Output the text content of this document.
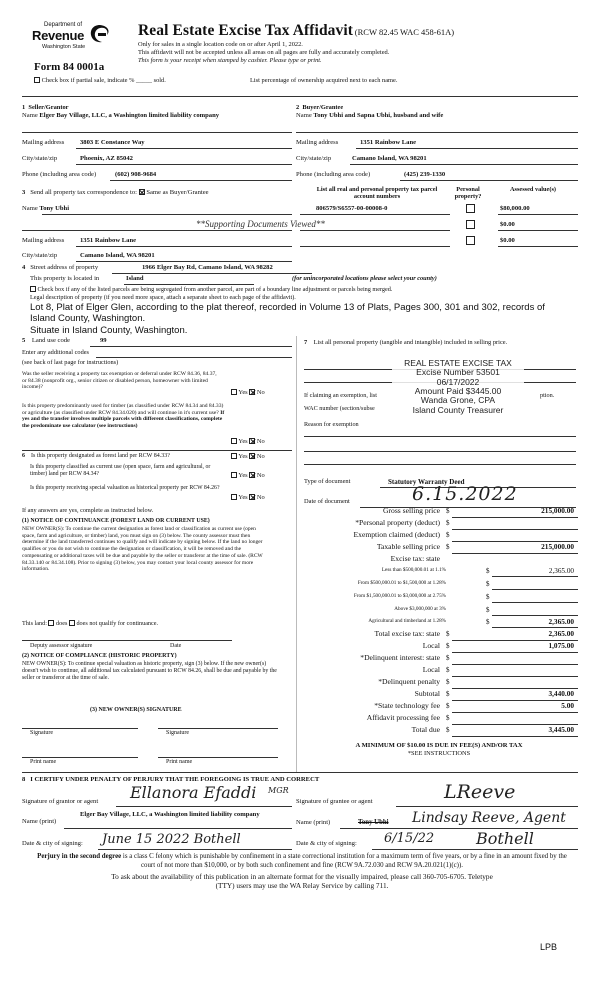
Department of
Revenue
Washington State
Real Estate Excise Tax Affidavit (RCW 82.45 WAC 458-61A)
Only for sales in a single location code on or after April 1, 2022.
This affidavit will not be accepted unless all areas on all pages are fully and accurately completed.
This form is your receipt when stamped by cashier. Please type or print.
Form 84 0001a
Check box if partial sale, indicate % _____ sold.	List percentage of ownership acquired next to each name.
1 Seller/Grantor
Name Elger Bay Village, LLC, a Washington limited liability company
Mailing address 3803 E Constance Way
City/state/zip	Phoenix, AZ 85042
Phone (including area code)	(602) 908-9684
2 Buyer/Grantee
Name Tony Ubhi and Sapna Ubhi, husband and wife
Mailing address	1351 Rainbow Lane
City/state/zip	Camano Island, WA 98201
Phone (including area code)	(425) 239-1330
3 Send all property tax correspondence to: Same as Buyer/Grantee
Name Tony Ubhi
**Supporting Documents Viewed**
Mailing address 1351 Rainbow Lane
City/state/zip	Camano Island, WA 98201
List all real and personal property tax parcel account numbers
Personal property?
Assessed value(s)
806579/S6557-00-00008-0	$80,000.00
$0.00
$0.00
4 Street address of property	1966 Elger Bay Rd, Camano Island, WA 98282
This property is located in	Island	(for unincorporated locations please select your county)
Check box if any of the listed parcels are being segregated from another parcel, are part of a boundary line adjustment or parcels being merged.
Legal description of property (if you need more space, attach a separate sheet to each page of the affidavit).
Lot 8, Plat of Elger Glen, according to the plat thereof, recorded in Volume 13 of Plats, Pages 300, 301 and 302, records of Island County, Washington.
Situate in Island County, Washington.
5 Land use code	99
Enter any additional codes
(see back of last page for instructions)
Was the seller receiving a property tax exemption or deferral under RCW 84.36, 84.37, or 84.38 (nonprofit org., senior citizen or disabled person, homeowner with limited income)?
Yes No
Is this property predominantly used for timber (as classified under RCW 84.34 and 84.33) or agriculture (as classified under RCW 84.34.020) and will continue in it's current use? If yes and the transfer involves multiple parcels with different classifications, complete the predominate use calculator (see instructions)
Yes No
6 Is this property designated as forest land per RCW 84.33?	Yes No
Is this property classified as current use (open space, farm and agricultural, or timber) land per RCW 84.34?	Yes No
Is this property receiving special valuation as historical property per RCW 84.26?
Yes No
If any answers are yes, complete as instructed below.
(1) NOTICE OF CONTINUANCE (FOREST LAND OR CURRENT USE)
NEW OWNER(S): To continue the current designation as forest land or classification as current use (open space, farm and agriculture, or timber) land, you must sign on (3) below. The county assessor must then determine if the land transferred continues to qualify and will indicate by signing below. If the land no longer qualifies or you do not wish to continue the designation or classification, it will be removed and the compensating or additional taxes will be due and payable by the seller or transferor at the time of sale. (RCW 84.33.140 or 84.34.108). Prior to signing (3) below, you may contact your local county assessor for more information.
This land: does does not qualify for continuance.
Deputy assessor signature	Date
(2) NOTICE OF COMPLIANCE (HISTORIC PROPERTY)
NEW OWNER(S): To continue special valuation as historic property, sign (3) below. If the new owner(s) doesn't wish to continue, all additional tax calculated pursuant to RCW 84.26, shall be due and payable by the seller or transferor at the time of sale.
(3) NEW OWNER(S) SIGNATURE
Signature	Signature
Print name	Print name
7 List all personal property (tangible and intangible) included in selling price.
If claiming an exemption, list	ption.
WAC number (section/subse
Reason for exemption
REAL ESTATE EXCISE TAX
Excise Number 53501
06/17/2022
Amount Paid $3445.00
Wanda Grone, CPA
Island County Treasurer
Type of document	Statutory Warranty Deed
Date of document	6.15.2022
Gross selling price $	215,000.00
*Personal property (deduct) $
Exemption claimed (deduct) $
Taxable selling price $	215,000.00
Excise tax: state
Less than $500,000.01 at 1.1%	$	2,365.00
From $500,000.01 to $1,500,000 at 1.28%	$
From $1,500,000.01 to $3,000,000 at 2.75%	$
Above $3,000,000 at 3%	$
Agricultural and timberland at 1.28%	$	2,365.00
Total excise tax: state $	2,365.00
Local $	1,075.00
*Delinquent interest: state $
Local $
*Delinquent penalty $
Subtotal $	3,440.00
*State technology fee $	5.00
Affidavit processing fee $
Total due $	3,445.00
A MINIMUM OF $10.00 IS DUE IN FEE(S) AND/OR TAX
*SEE INSTRUCTIONS
8 I CERTIFY UNDER PENALTY OF PERJURY THAT THE FOREGOING IS TRUE AND CORRECT
Signature of grantor or agent Ellanora Efaddi MGR
Signature of grantee or agent	LReeve
Name (print)
Elger Bay Village, LLC, a Washington limited liability company
Name (print)	Tony Ubhi Lindsay Reeve, Agent
Date & city of signing: June 15 2022 Bothell	Date & city of signing: 6/15/22	Bothell
Perjury in the second degree is a class C felony which is punishable by confinement in a state correctional institution for a maximum term of five years, or by a fine in an amount fixed by the court of not more than $10,000, or by both such confinement and fine (RCW 9A.72.030 and RCW 9A.20.021(1)(c)).
To ask about the availability of this publication in an alternate format for the visually impaired, please call 360-705-6705. Teletype (TTY) users may use the WA Relay Service by calling 711.
LPB
